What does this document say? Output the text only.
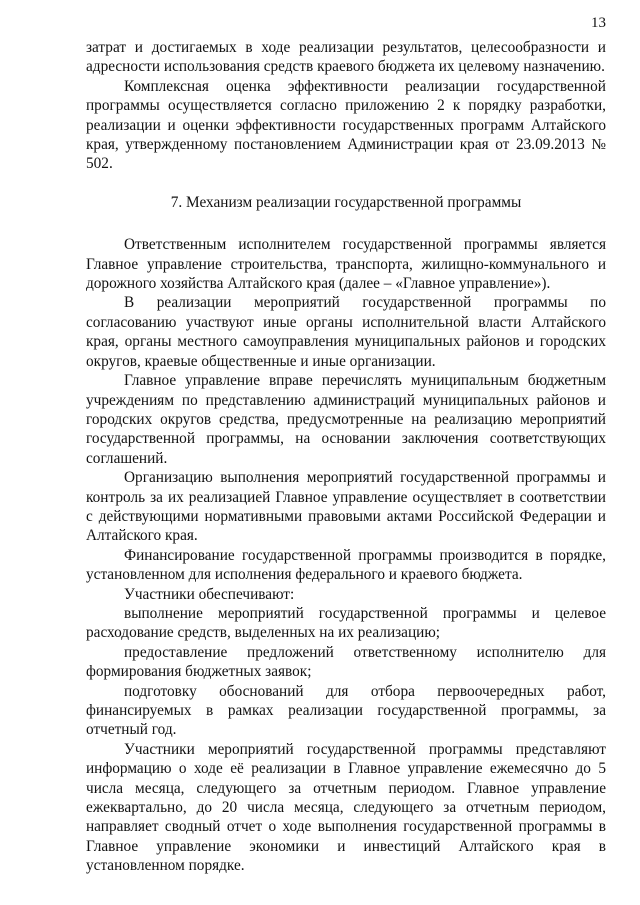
13

затрат и достигаемых в ходе реализации результатов, целесообразности и адресности использования средств краевого бюджета их целевому назначению.

Комплексная оценка эффективности реализации государственной программы осуществляется согласно приложению 2 к порядку разработки, реализации и оценки эффективности государственных программ Алтайского края, утвержденному постановлением Администрации края от 23.09.2013 № 502.

7. Механизм реализации государственной программы

Ответственным исполнителем государственной программы является Главное управление строительства, транспорта, жилищно-коммунального и дорожного хозяйства Алтайского края (далее – «Главное управление»).

В реализации мероприятий государственной программы по согласованию участвуют иные органы исполнительной власти Алтайского края, органы местного самоуправления муниципальных районов и городских округов, краевые общественные и иные организации.

Главное управление вправе перечислять муниципальным бюджетным учреждениям по представлению администраций муниципальных районов и городских округов средства, предусмотренные на реализацию мероприятий государственной программы, на основании заключения соответствующих соглашений.

Организацию выполнения мероприятий государственной программы и контроль за их реализацией Главное управление осуществляет в соответствии с действующими нормативными правовыми актами Российской Федерации и Алтайского края.

Финансирование государственной программы производится в порядке, установленном для исполнения федерального и краевого бюджета.

Участники обеспечивают:

выполнение мероприятий государственной программы и целевое расходование средств, выделенных на их реализацию;

предоставление предложений ответственному исполнителю для формирования бюджетных заявок;

подготовку обоснований для отбора первоочередных работ, финансируемых в рамках реализации государственной программы, за отчетный год.

Участники мероприятий государственной программы представляют информацию о ходе её реализации в Главное управление ежемесячно до 5 числа месяца, следующего за отчетным периодом. Главное управление ежеквартально, до 20 числа месяца, следующего за отчетным периодом, направляет сводный отчет о ходе выполнения государственной программы в Главное управление экономики и инвестиций Алтайского края в установленном порядке.
